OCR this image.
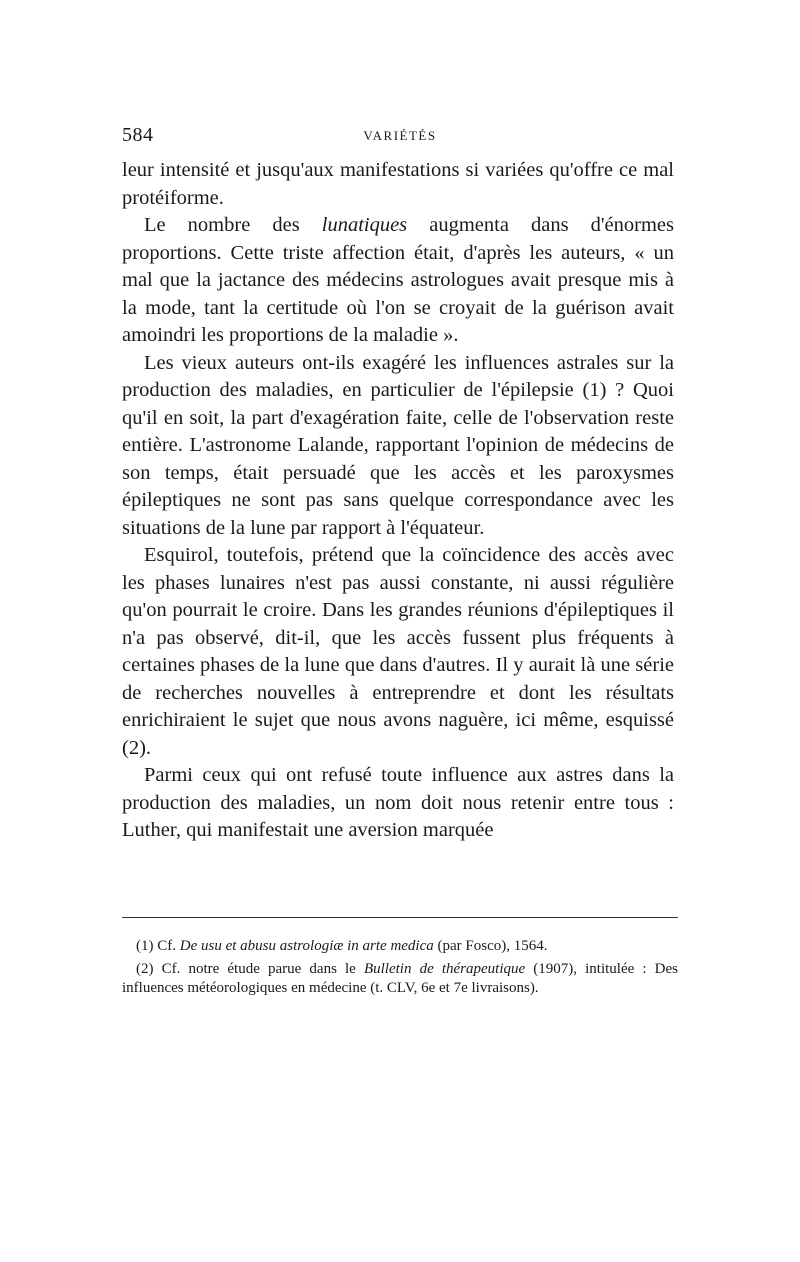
584	VARIÉTÉS

leur intensité et jusqu'aux manifestations si variées qu'offre ce mal protéiforme.

Le nombre des lunatiques augmenta dans d'énormes proportions. Cette triste affection était, d'après les auteurs, « un mal que la jactance des médecins astrologues avait presque mis à la mode, tant la certitude où l'on se croyait de la guérison avait amoindri les proportions de la maladie ».

Les vieux auteurs ont-ils exagéré les influences astrales sur la production des maladies, en particulier de l'épilepsie (1) ? Quoi qu'il en soit, la part d'exagération faite, celle de l'observation reste entière. L'astronome Lalande, rapportant l'opinion de médecins de son temps, était persuadé que les accès et les paroxysmes épileptiques ne sont pas sans quelque correspondance avec les situations de la lune par rapport à l'équateur.

Esquirol, toutefois, prétend que la coïncidence des accès avec les phases lunaires n'est pas aussi constante, ni aussi régulière qu'on pourrait le croire. Dans les grandes réunions d'épileptiques il n'a pas observé, dit-il, que les accès fussent plus fréquents à certaines phases de la lune que dans d'autres. Il y aurait là une série de recherches nouvelles à entreprendre et dont les résultats enrichiraient le sujet que nous avons naguère, ici même, esquissé (2).

Parmi ceux qui ont refusé toute influence aux astres dans la production des maladies, un nom doit nous retenir entre tous : Luther, qui manifestait une aversion marquée

(1) Cf. De usu et abusu astrologiæ in arte medica (par Fosco), 1564.

(2) Cf. notre étude parue dans le Bulletin de thérapeutique (1907), intitulée : Des influences météorologiques en médecine (t. CLV, 6e et 7e livraisons).
